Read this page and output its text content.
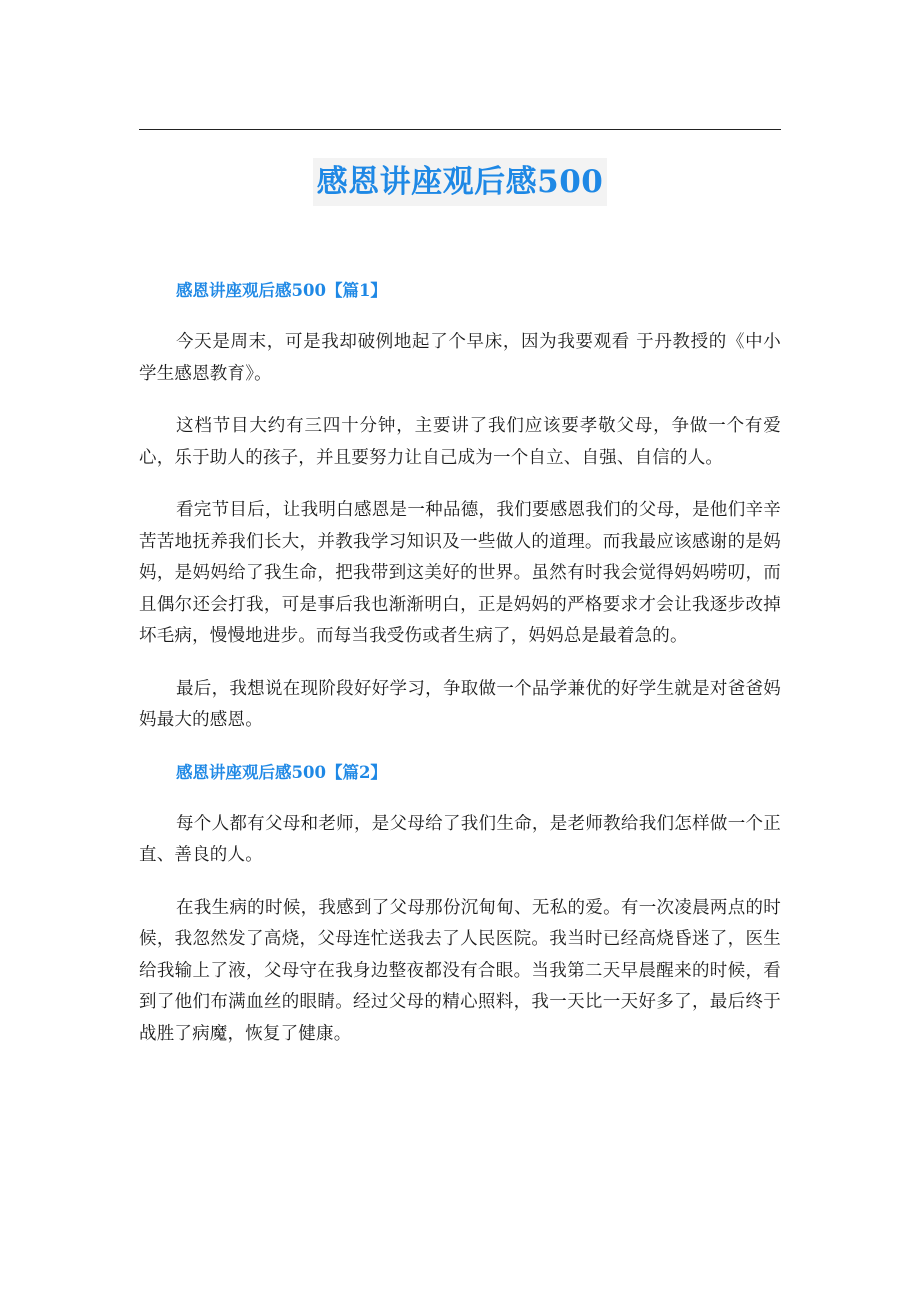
感恩讲座观后感500

感恩讲座观后感500【篇1】

今天是周末，可是我却破例地起了个早床，因为我要观看 于丹教授的《中小学生感恩教育》。

这档节目大约有三四十分钟，主要讲了我们应该要孝敬父母，争做一个有爱心，乐于助人的孩子，并且要努力让自己成为一个自立、自强、自信的人。

看完节目后，让我明白感恩是一种品德，我们要感恩我们的父母，是他们辛辛苦苦地抚养我们长大，并教我学习知识及一些做人的道理。而我最应该感谢的是妈妈，是妈妈给了我生命，把我带到这美好的世界。虽然有时我会觉得妈妈唠叨，而且偶尔还会打我，可是事后我也渐渐明白，正是妈妈的严格要求才会让我逐步改掉坏毛病，慢慢地进步。而每当我受伤或者生病了，妈妈总是最着急的。

最后，我想说在现阶段好好学习，争取做一个品学兼优的好学生就是对爸爸妈妈最大的感恩。

感恩讲座观后感500【篇2】

每个人都有父母和老师，是父母给了我们生命，是老师教给我们怎样做一个正直、善良的人。

在我生病的时候，我感到了父母那份沉甸甸、无私的爱。有一次凌晨两点的时候，我忽然发了高烧，父母连忙送我去了人民医院。我当时已经高烧昏迷了，医生给我输上了液，父母守在我身边整夜都没有合眼。当我第二天早晨醒来的时候，看到了他们布满血丝的眼睛。经过父母的精心照料，我一天比一天好多了，最后终于战胜了病魔，恢复了健康。
